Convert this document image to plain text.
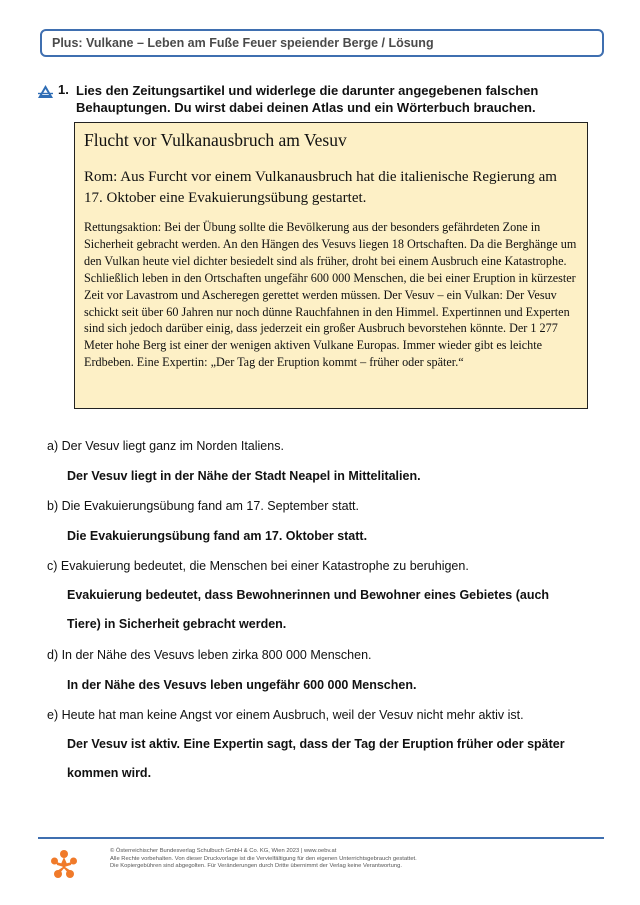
Plus: Vulkane – Leben am Fuße Feuer speiender Berge / Lösung
1. Lies den Zeitungsartikel und widerlege die darunter angegebenen falschen
Behauptungen. Du wirst dabei deinen Atlas und ein Wörterbuch brauchen.

Flucht vor Vulkanausbruch am Vesuv

Rom: Aus Furcht vor einem Vulkanausbruch hat die italienische Regierung am 17. Oktober eine Evakuierungsübung gestartet.

Rettungsaktion: Bei der Übung sollte die Bevölkerung aus der besonders gefährdeten Zone in Sicherheit gebracht werden. An den Hängen des Vesuvs liegen 18 Ortschaften. Da die Berghänge um den Vulkan heute viel dichter besiedelt sind als früher, droht bei einem Ausbruch eine Katastrophe. Schließlich leben in den Ortschaften ungefähr 600 000 Menschen, die bei einer Eruption in kürzester Zeit vor Lavastrom und Ascheregen gerettet werden müssen. Der Vesuv – ein Vulkan: Der Vesuv schickt seit über 60 Jahren nur noch dünne Rauchfahnen in den Himmel. Expertinnen und Experten sind sich jedoch darüber einig, dass jederzeit ein großer Ausbruch bevorstehen könnte. Der 1 277 Meter hohe Berg ist einer der wenigen aktiven Vulkane Europas. Immer wieder gibt es leichte Erdbeben. Eine Expertin: „Der Tag der Eruption kommt – früher oder später.“

a) Der Vesuv liegt ganz im Norden Italiens.
Der Vesuv liegt in der Nähe der Stadt Neapel in Mittelitalien.
b) Die Evakuierungsübung fand am 17. September statt.
Die Evakuierungsübung fand am 17. Oktober statt.
c) Evakuierung bedeutet, die Menschen bei einer Katastrophe zu beruhigen.
Evakuierung bedeutet, dass Bewohnerinnen und Bewohner eines Gebietes (auch
Tiere) in Sicherheit gebracht werden.
d) In der Nähe des Vesuvs leben zirka 800 000 Menschen.
In der Nähe des Vesuvs leben ungefähr 600 000 Menschen.
e) Heute hat man keine Angst vor einem Ausbruch, weil der Vesuv nicht mehr aktiv ist.
Der Vesuv ist aktiv. Eine Expertin sagt, dass der Tag der Eruption früher oder später
kommen wird.
© Österreichischer Bundesverlag Schulbuch GmbH & Co. KG, Wien 2023 | www.oebv.at
Alle Rechte vorbehalten. Von dieser Druckvorlage ist die Vervielfältigung für den eigenen Unterrichtsgebrauch gestattet.
Die Kopiergebühren sind abgegolten. Für Veränderungen durch Dritte übernimmt der Verlag keine Verantwortung.
